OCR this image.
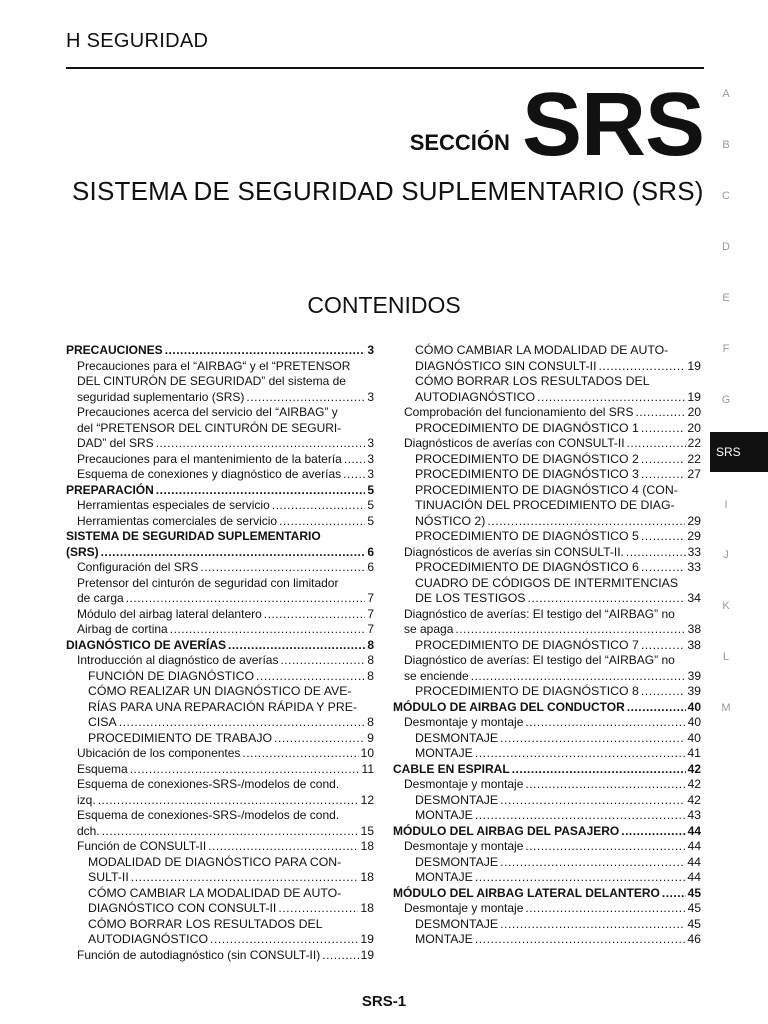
H SEGURIDAD
SECCIÓN SRS
SISTEMA DE SEGURIDAD SUPLEMENTARIO (SRS)
CONTENIDOS
PRECAUCIONES .....	3
Precauciones para el “AIRBAG“ y el “PRETENSOR
DEL CINTURÓN DE SEGURIDAD” del sistema de
seguridad suplementario (SRS) .....	3
Precauciones acerca del servicio del “AIRBAG” y
del “PRETENSOR DEL CINTURÓN DE SEGURI-
DAD” del SRS .....	3
Precauciones para el mantenimiento de la batería ..... 3
Esquema de conexiones y diagnóstico de averías ..... 3
PREPARACIÓN .....	5
Herramientas especiales de servicio .....	5
Herramientas comerciales de servicio .....	5
SISTEMA DE SEGURIDAD SUPLEMENTARIO
(SRS) .....	6
Configuración del SRS .....	6
Pretensor del cinturón de seguridad con limitador
de carga .....	7
Módulo del airbag lateral delantero .....	7
Airbag de cortina .....	7
DIAGNÓSTICO DE AVERÍAS .....	8
Introducción al diagnóstico de averías .....	8
FUNCIÓN DE DIAGNÓSTICO .....	8
CÓMO REALIZAR UN DIAGNÓSTICO DE AVE-
RÍAS PARA UNA REPARACIÓN RÁPIDA Y PRE-
CISA .....	8
PROCEDIMIENTO DE TRABAJO .....	9
Ubicación de los componentes .....	10
Esquema .....	11
Esquema de conexiones-SRS-/modelos de cond.
izq. .....	12
Esquema de conexiones-SRS-/modelos de cond.
dch. .....	15
Función de CONSULT-II .....	18
MODALIDAD DE DIAGNÓSTICO PARA CON-
SULT-II .....	18
CÓMO CAMBIAR LA MODALIDAD DE AUTO-
DIAGNÓSTICO CON CONSULT-II .....	18
CÓMO BORRAR LOS RESULTADOS DEL
AUTODIAGNÓSTICO .....	19
Función de autodiagnóstico (sin CONSULT-II) .....	19
CÓMO CAMBIAR LA MODALIDAD DE AUTO-
DIAGNÓSTICO SIN CONSULT-II .....	19
CÓMO BORRAR LOS RESULTADOS DEL
AUTODIAGNÓSTICO .....	19
Comprobación del funcionamiento del SRS .....	20
PROCEDIMIENTO DE DIAGNÓSTICO 1 .....	20
Diagnósticos de averías con CONSULT-II .....	22
PROCEDIMIENTO DE DIAGNÓSTICO 2 .....	22
PROCEDIMIENTO DE DIAGNÓSTICO 3 .....	27
PROCEDIMIENTO DE DIAGNÓSTICO 4 (CON-
TINUACIÓN DEL PROCEDIMIENTO DE DIAG-
NÓSTICO 2) .....	29
PROCEDIMIENTO DE DIAGNÓSTICO 5 .....	29
Diagnósticos de averías sin CONSULT-II. .....	33
PROCEDIMIENTO DE DIAGNÓSTICO 6 .....	33
CUADRO DE CÓDIGOS DE INTERMITENCIAS
DE LOS TESTIGOS .....	34
Diagnóstico de averías: El testigo del “AIRBAG” no
se apaga .....	38
PROCEDIMIENTO DE DIAGNÓSTICO 7 .....	38
Diagnóstico de averías: El testigo del “AIRBAG” no
se enciende .....	39
PROCEDIMIENTO DE DIAGNÓSTICO 8 .....	39
MÓDULO DE AIRBAG DEL CONDUCTOR .....	40
Desmontaje y montaje .....	40
DESMONTAJE .....	40
MONTAJE .....	41
CABLE EN ESPIRAL .....	42
Desmontaje y montaje .....	42
DESMONTAJE .....	42
MONTAJE .....	43
MÓDULO DEL AIRBAG DEL PASAJERO .....	44
Desmontaje y montaje .....	44
DESMONTAJE .....	44
MONTAJE .....	44
MÓDULO DEL AIRBAG LATERAL DELANTERO ..... 45
Desmontaje y montaje .....	45
DESMONTAJE .....	45
MONTAJE .....	46
A
B
C
D
E
F
G
I
J
K
L
M
SRS
SRS-1
